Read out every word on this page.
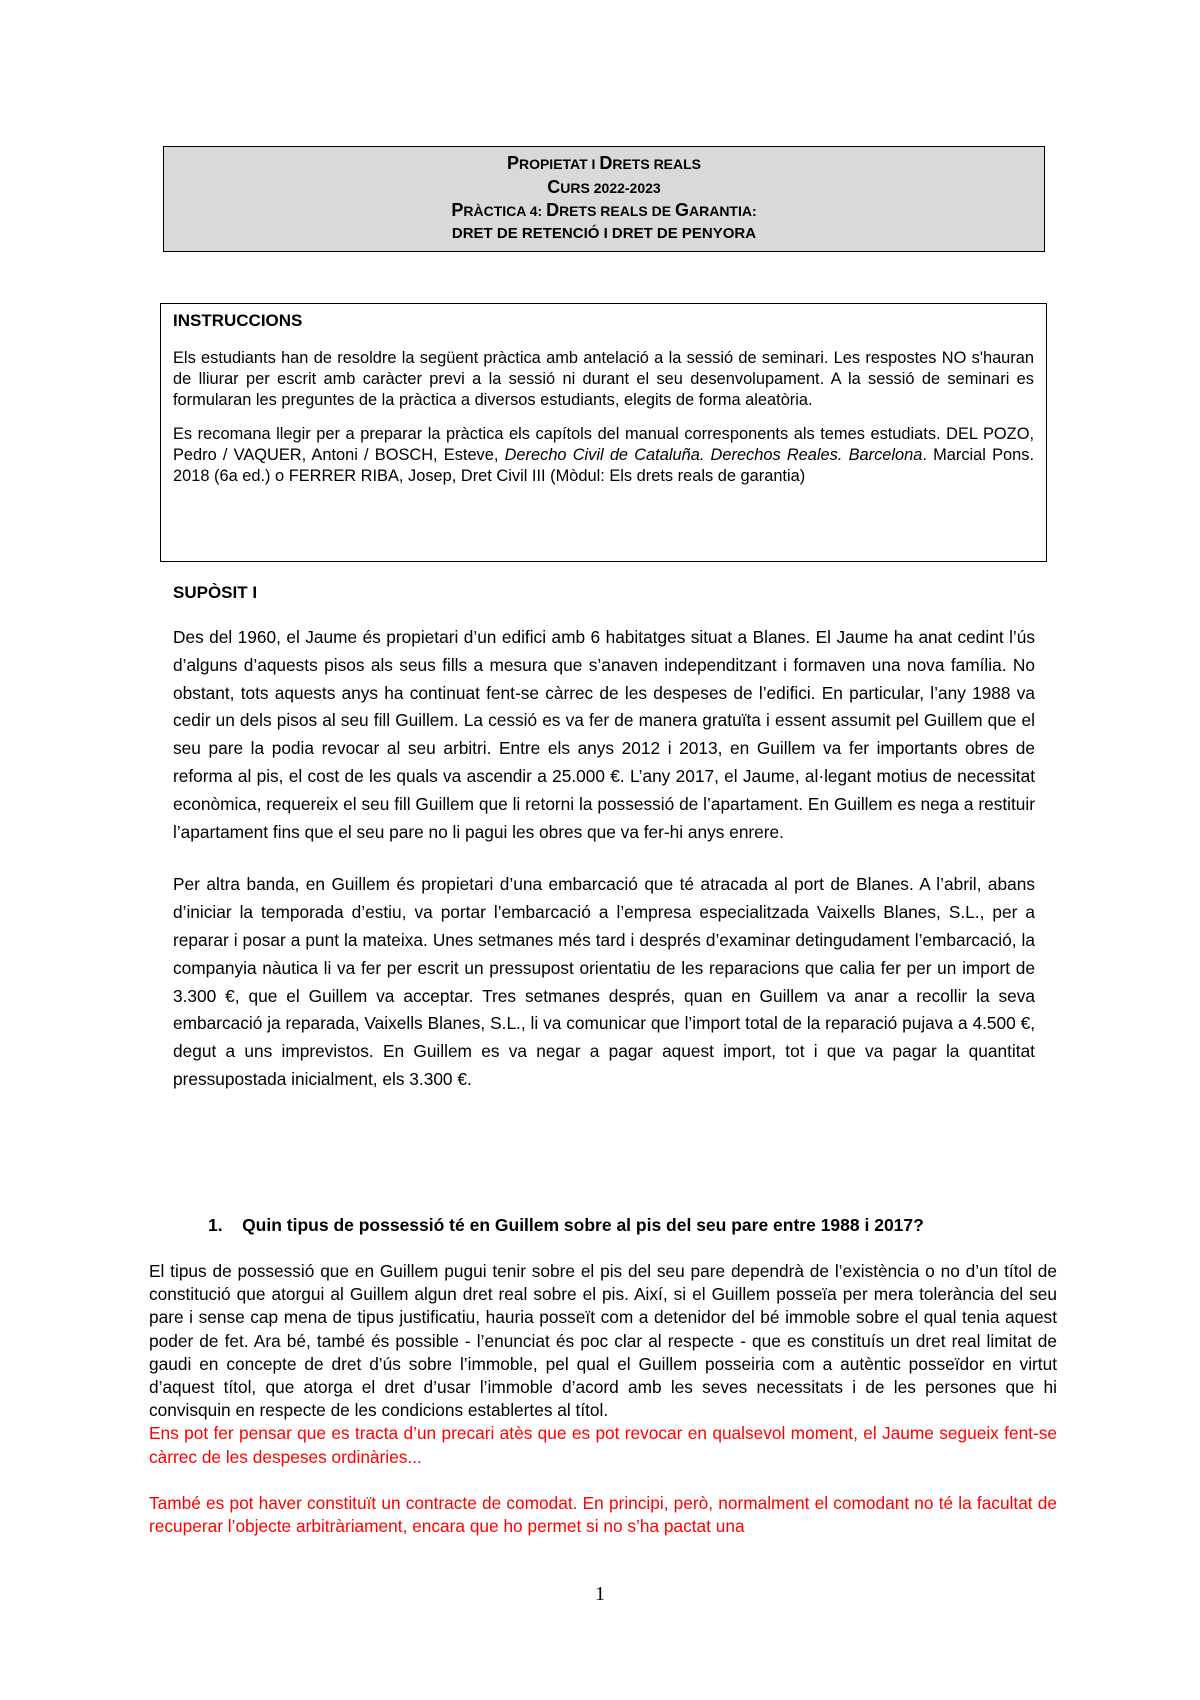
PROPIETAT I DRETS REALS
CURS 2022-2023
PRÀCTICA 4: DRETS REALS DE GARANTIA:
DRET DE RETENCIÓ I DRET DE PENYORA
INSTRUCCIONS

Els estudiants han de resoldre la següent pràctica amb antelació a la sessió de seminari. Les respostes NO s'hauran de lliurar per escrit amb caràcter previ a la sessió ni durant el seu desenvolupament. A la sessió de seminari es formularan les preguntes de la pràctica a diversos estudiants, elegits de forma aleatòria.

Es recomana llegir per a preparar la pràctica els capítols del manual corresponents als temes estudiats. DEL POZO, Pedro / VAQUER, Antoni / BOSCH, Esteve, Derecho Civil de Cataluña. Derechos Reales. Barcelona. Marcial Pons. 2018 (6a ed.) o FERRER RIBA, Josep, Dret Civil III (Mòdul: Els drets reals de garantia)

SUPÒSIT I

Des del 1960, el Jaume és propietari d’un edifici amb 6 habitatges situat a Blanes. El Jaume ha anat cedint l’ús d’alguns d’aquests pisos als seus fills a mesura que s’anaven independitzant i formaven una nova família. No obstant, tots aquests anys ha continuat fent-se càrrec de les despeses de l’edifici. En particular, l’any 1988 va cedir un dels pisos al seu fill Guillem. La cessió es va fer de manera gratuïta i essent assumit pel Guillem que el seu pare la podia revocar al seu arbitri. Entre els anys 2012 i 2013, en Guillem va fer importants obres de reforma al pis, el cost de les quals va ascendir a 25.000 €. L’any 2017, el Jaume, al·legant motius de necessitat econòmica, requereix el seu fill Guillem que li retorni la possessió de l’apartament. En Guillem es nega a restituir l’apartament fins que el seu pare no li pagui les obres que va fer-hi anys enrere.

Per altra banda, en Guillem és propietari d’una embarcació que té atracada al port de Blanes. A l’abril, abans d’iniciar la temporada d’estiu, va portar l’embarcació a l’empresa especialitzada Vaixells Blanes, S.L., per a reparar i posar a punt la mateixa. Unes setmanes més tard i després d’examinar detingudament l’embarcació, la companyia nàutica li va fer per escrit un pressupost orientatiu de les reparacions que calia fer per un import de 3.300 €, que el Guillem va acceptar. Tres setmanes després, quan en Guillem va anar a recollir la seva embarcació ja reparada, Vaixells Blanes, S.L., li va comunicar que l’import total de la reparació pujava a 4.500 €, degut a uns imprevistos. En Guillem es va negar a pagar aquest import, tot i que va pagar la quantitat pressupostada inicialment, els 3.300 €.

1. Quin tipus de possessió té en Guillem sobre al pis del seu pare entre 1988 i 2017?

El tipus de possessió que en Guillem pugui tenir sobre el pis del seu pare dependrà de l’existència o no d’un títol de constitució que atorgui al Guillem algun dret real sobre el pis. Així, si el Guillem posseïa per mera tolerància del seu pare i sense cap mena de tipus justificatiu, hauria posseït com a detenidor del bé immoble sobre el qual tenia aquest poder de fet. Ara bé, també és possible - l’enunciat és poc clar al respecte - que es constituís un dret real limitat de gaudi en concepte de dret d’ús sobre l’immoble, pel qual el Guillem posseiria com a autèntic posseïdor en virtut d’aquest títol, que atorga el dret d’usar l’immoble d’acord amb les seves necessitats i de les persones que hi convisquin en respecte de les condicions establertes al títol.

Ens pot fer pensar que es tracta d’un precari atès que es pot revocar en qualsevol moment, el Jaume segueix fent-se càrrec de les despeses ordinàries...

També es pot haver constituït un contracte de comodat. En principi, però, normalment el comodant no té la facultat de recuperar l’objecte arbitràriament, encara que ho permet si no s’ha pactat una

1
